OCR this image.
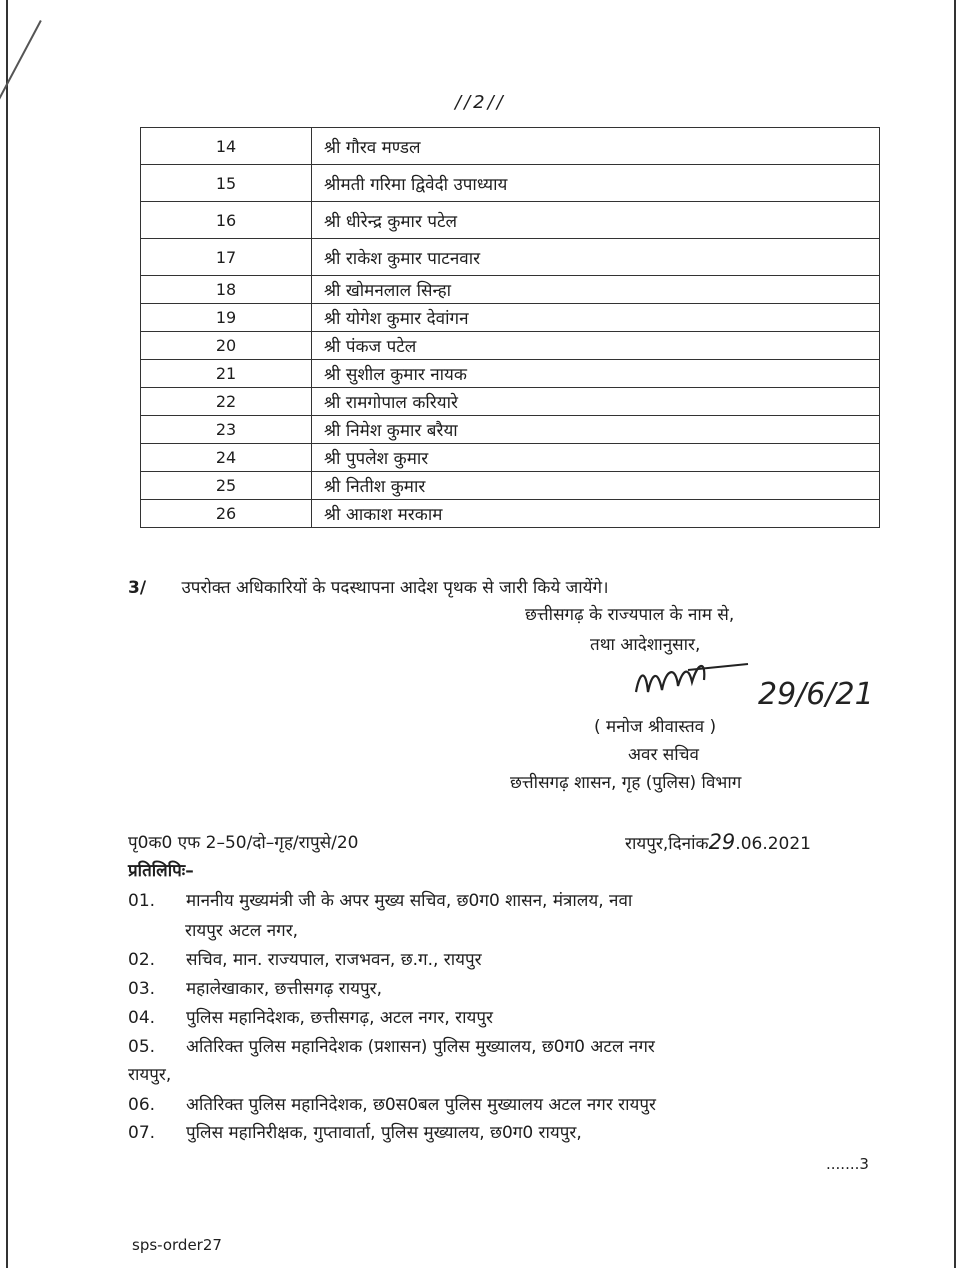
//2//
14	श्री गौरव मण्डल
15	श्रीमती गरिमा द्विवेदी उपाध्याय
16	श्री धीरेन्द्र कुमार पटेल
17	श्री राकेश कुमार पाटनवार
18	श्री खोमनलाल सिन्हा
19	श्री योगेश कुमार देवांगन
20	श्री पंकज पटेल
21	श्री सुशील कुमार नायक
22	श्री रामगोपाल करियारे
23	श्री निमेश कुमार बरैया
24	श्री पुपलेश कुमार
25	श्री नितीश कुमार
26	श्री आकाश मरकाम
3/ उपरोक्त अधिकारियों के पदस्थापना आदेश पृथक से जारी किये जायेंगे।
छत्तीसगढ़ के राज्यपाल के नाम से,
तथा आदेशानुसार,
29/6/21
( मनोज श्रीवास्तव )
अवर सचिव
छत्तीसगढ़ शासन, गृह (पुलिस) विभाग
पृ0क0 एफ 2–50/दो–गृह/रापुसे/20	रायपुर,दिनांक29.06.2021
प्रतिलिपिः–
01. माननीय मुख्यमंत्री जी के अपर मुख्य सचिव, छ0ग0 शासन, मंत्रालय, नवा
रायपुर अटल नगर,
02. सचिव, मान. राज्यपाल, राजभवन, छ.ग., रायपुर
03. महालेखाकार, छत्तीसगढ़ रायपुर,
04. पुलिस महानिदेशक, छत्तीसगढ़, अटल नगर, रायपुर
05. अतिरिक्त पुलिस महानिदेशक (प्रशासन) पुलिस मुख्यालय, छ0ग0 अटल नगर
रायपुर,
06. अतिरिक्त पुलिस महानिदेशक, छ0स0बल पुलिस मुख्यालय अटल नगर रायपुर
07. पुलिस महानिरीक्षक, गुप्तावार्ता, पुलिस मुख्यालय, छ0ग0 रायपुर,
.......3
sps-order27
